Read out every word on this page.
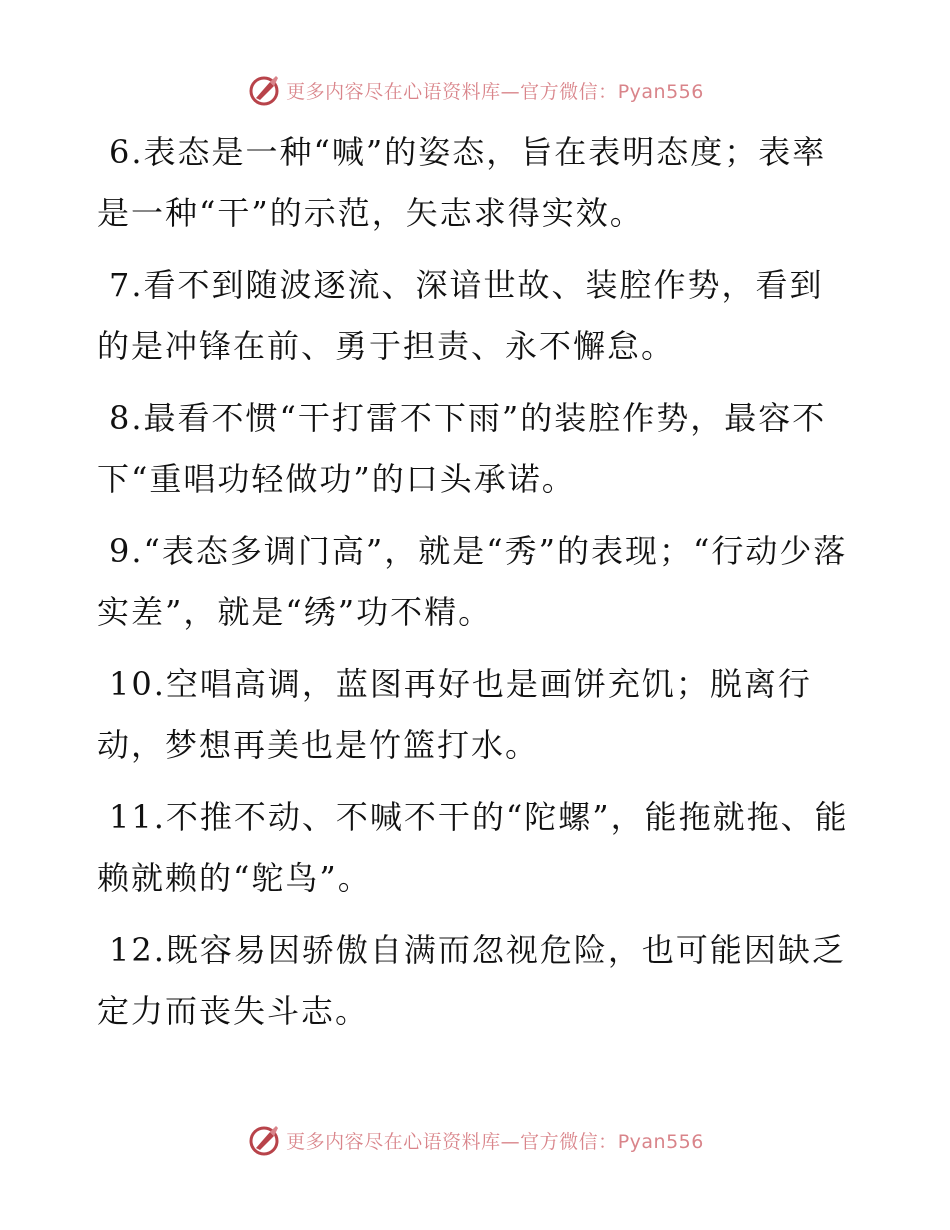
更多内容尽在心语资料库—官方微信：Pyan556

6.表态是一种“喊”的姿态，旨在表明态度；表率是一种“干”的示范，矢志求得实效。

7.看不到随波逐流、深谙世故、装腔作势，看到的是冲锋在前、勇于担责、永不懈怠。

8.最看不惯“干打雷不下雨”的装腔作势，最容不下“重唱功轻做功”的口头承诺。

9.“表态多调门高”，就是“秀”的表现；“行动少落实差”，就是“绣”功不精。

10.空唱高调，蓝图再好也是画饼充饥；脱离行动，梦想再美也是竹篮打水。

11.不推不动、不喊不干的“陀螺”，能拖就拖、能赖就赖的“鸵鸟”。

12.既容易因骄傲自满而忽视危险，也可能因缺乏定力而丧失斗志。

更多内容尽在心语资料库—官方微信：Pyan556
